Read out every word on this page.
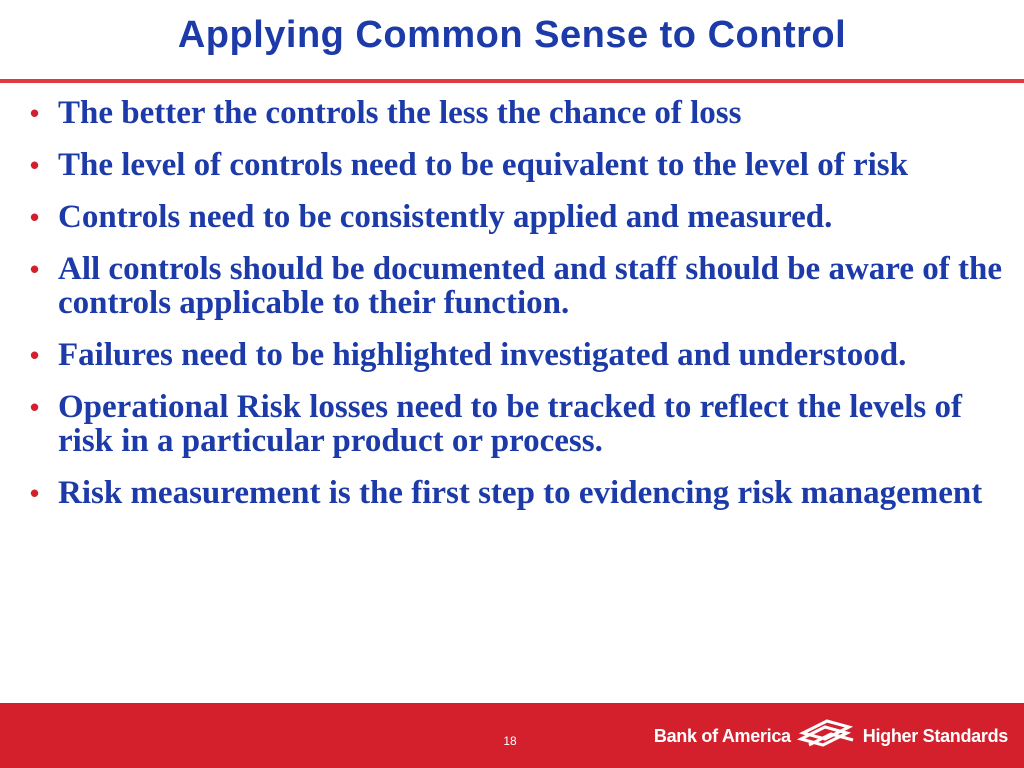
Applying Common Sense to Control
• The better the controls the less the chance of loss
• The level of controls need to be equivalent to the level of risk
• Controls need to be consistently applied and measured.
• All controls should be documented and staff should be aware of the controls applicable to their function.
• Failures need to be highlighted investigated and understood.
• Operational Risk losses need to be tracked to reflect the levels of risk in a particular product or process.
• Risk measurement is the first step to evidencing risk management
18	Bank of America	Higher Standards
